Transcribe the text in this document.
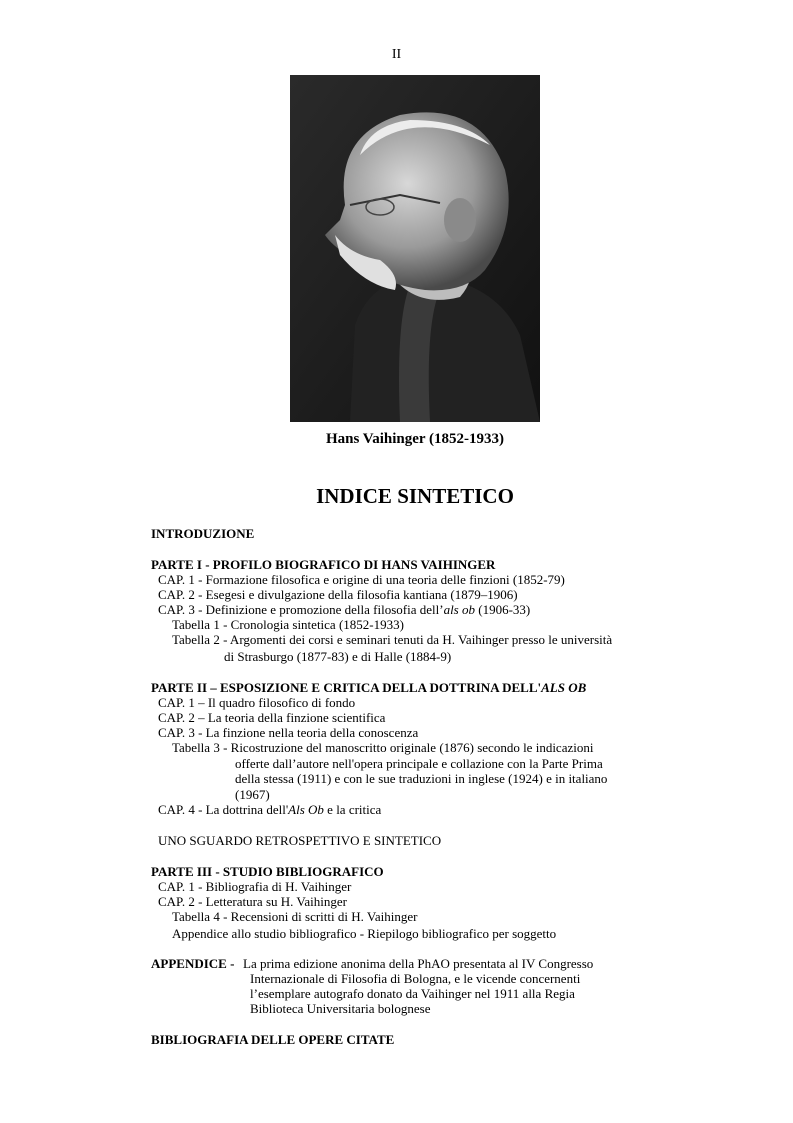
II
Hans Vaihinger (1852-1933)
INDICE SINTETICO
INTRODUZIONE
PARTE I - PROFILO BIOGRAFICO DI HANS VAIHINGER
CAP. 1 - Formazione filosofica e origine di una teoria delle finzioni (1852-79)
CAP. 2 - Esegesi e divulgazione della filosofia kantiana (1879–1906)
CAP. 3 - Definizione e promozione della filosofia dell’als ob (1906-33)
Tabella 1 - Cronologia sintetica (1852-1933)
Tabella 2 - Argomenti dei corsi e seminari tenuti da H. Vaihinger presso le università
di Strasburgo (1877-83) e di Halle (1884-9)
PARTE II – ESPOSIZIONE E CRITICA DELLA DOTTRINA DELL'ALS OB
CAP. 1 – Il quadro filosofico di fondo
CAP. 2 – La teoria della finzione scientifica
CAP. 3 - La finzione nella teoria della conoscenza
Tabella 3 - Ricostruzione del manoscritto originale (1876) secondo le indicazioni
offerte dall’autore nell'opera principale e collazione con la Parte Prima
della stessa (1911) e con le sue traduzioni in inglese (1924) e in italiano
(1967)
CAP. 4 - La dottrina dell'Als Ob e la critica
UNO SGUARDO RETROSPETTIVO E SINTETICO
PARTE III - STUDIO BIBLIOGRAFICO
CAP. 1 - Bibliografia di H. Vaihinger
CAP. 2 - Letteratura su H. Vaihinger
Tabella 4 - Recensioni di scritti di H. Vaihinger
Appendice allo studio bibliografico - Riepilogo bibliografico per soggetto
APPENDICE - La prima edizione anonima della PhAO presentata al IV Congresso
Internazionale di Filosofia di Bologna, e le vicende concernenti
l’esemplare autografo donato da Vaihinger nel 1911 alla Regia
Biblioteca Universitaria bolognese
BIBLIOGRAFIA DELLE OPERE CITATE
